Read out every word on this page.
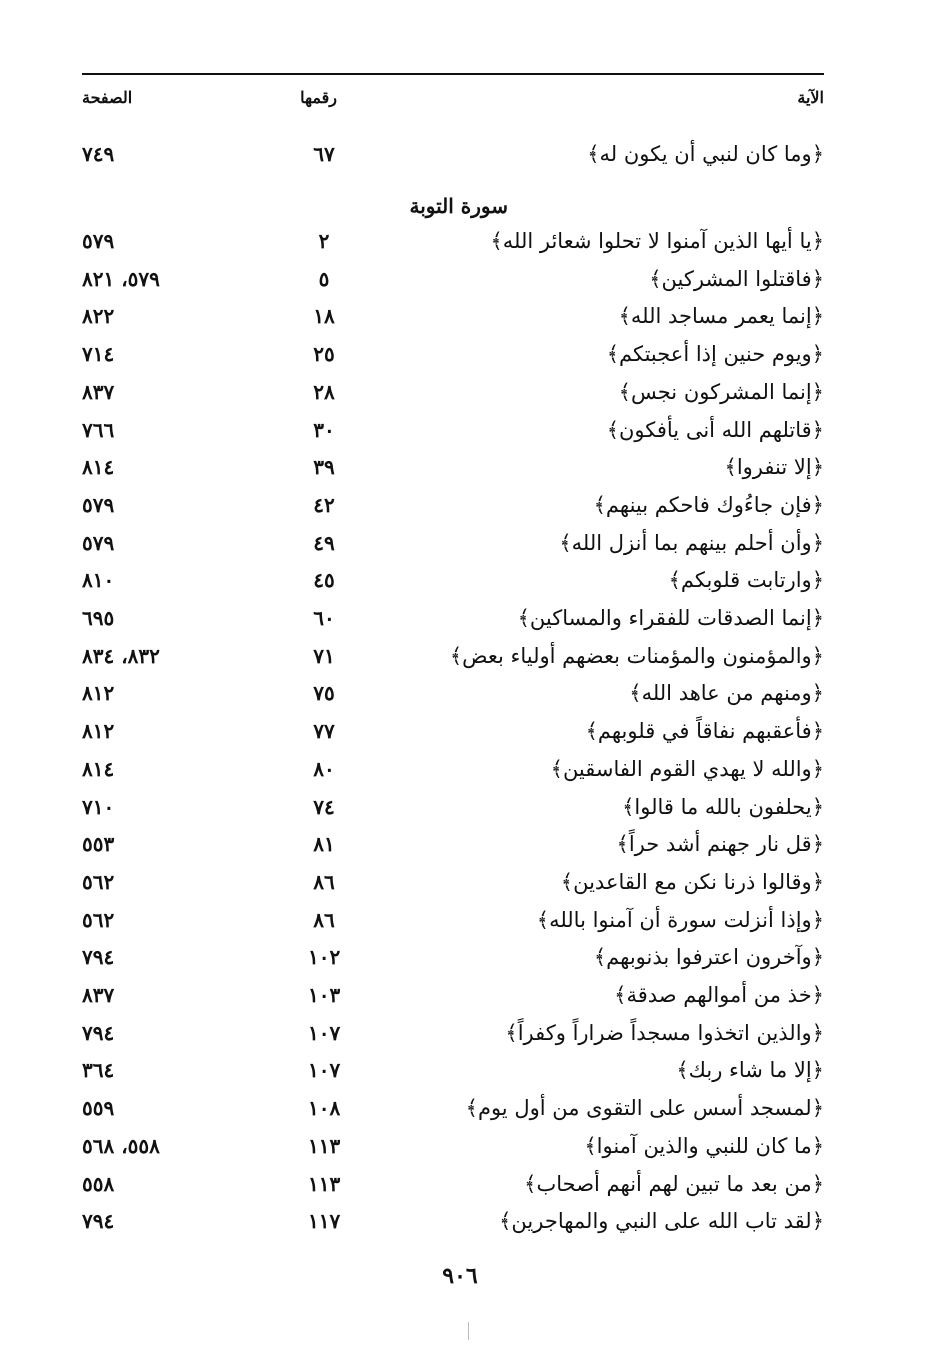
الآية
رقمها
الصفحة
﴿وما كان لنبي أن يكون له﴾
٦٧
٧٤٩
سورة التوبة
﴿يا أيها الذين آمنوا لا تحلوا شعائر الله﴾
٢
٥٧٩
﴿فاقتلوا المشركين﴾
٥
٥٧٩، ٨٢١
﴿إنما يعمر مساجد الله﴾
١٨
٨٢٢
﴿ويوم حنين إذا أعجبتكم﴾
٢٥
٧١٤
﴿إنما المشركون نجس﴾
٢٨
٨٣٧
﴿قاتلهم الله أنى يأفكون﴾
٣٠
٧٦٦
﴿إلا تنفروا﴾
٣٩
٨١٤
﴿فإن جاءُوك فاحكم بينهم﴾
٤٢
٥٧٩
﴿وأن أحلم بينهم بما أنزل الله﴾
٤٩
٥٧٩
﴿وارتابت قلوبكم﴾
٤٥
٨١٠
﴿إنما الصدقات للفقراء والمساكين﴾
٦٠
٦٩٥
﴿والمؤمنون والمؤمنات بعضهم أولياء بعض﴾
٧١
٨٣٢، ٨٣٤
﴿ومنهم من عاهد الله﴾
٧٥
٨١٢
﴿فأعقبهم نفاقاً في قلوبهم﴾
٧٧
٨١٢
﴿والله لا يهدي القوم الفاسقين﴾
٨٠
٨١٤
﴿يحلفون بالله ما قالوا﴾
٧٤
٧١٠
﴿قل نار جهنم أشد حراً﴾
٨١
٥٥٣
﴿وقالوا ذرنا نكن مع القاعدين﴾
٨٦
٥٦٢
﴿وإذا أنزلت سورة أن آمنوا بالله﴾
٨٦
٥٦٢
﴿وآخرون اعترفوا بذنوبهم﴾
١٠٢
٧٩٤
﴿خذ من أموالهم صدقة﴾
١٠٣
٨٣٧
﴿والذين اتخذوا مسجداً ضراراً وكفراً﴾
١٠٧
٧٩٤
﴿إلا ما شاء ربك﴾
١٠٧
٣٦٤
﴿لمسجد أسس على التقوى من أول يوم﴾
١٠٨
٥٥٩
﴿ما كان للنبي والذين آمنوا﴾
١١٣
٥٥٨، ٥٦٨
﴿من بعد ما تبين لهم أنهم أصحاب﴾
١١٣
٥٥٨
﴿لقد تاب الله على النبي والمهاجرين﴾
١١٧
٧٩٤
٩٠٦
